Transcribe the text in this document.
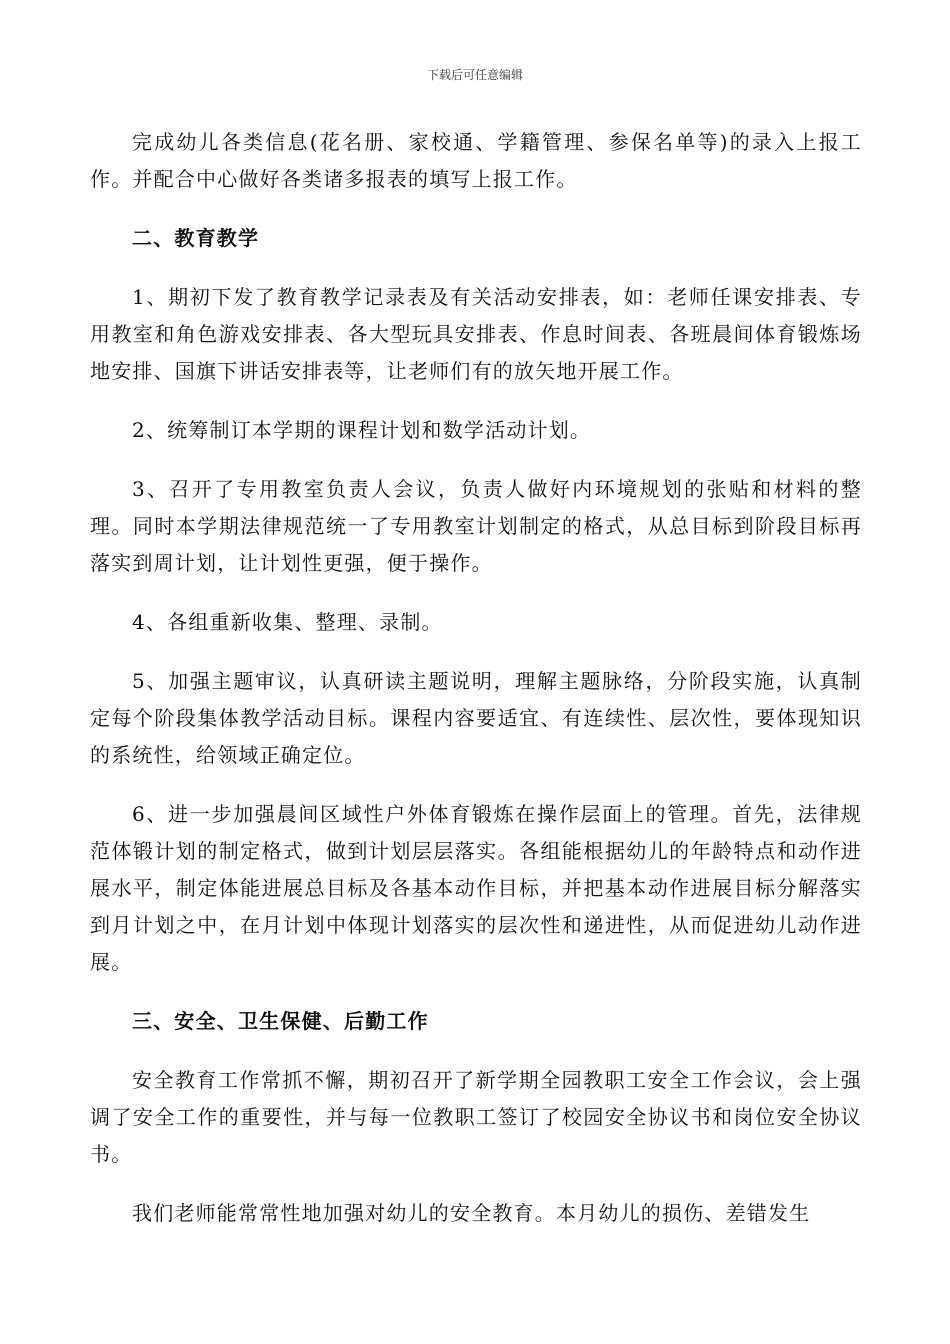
下载后可任意编辑

完成幼儿各类信息(花名册、家校通、学籍管理、参保名单等)的录入上报工作。并配合中心做好各类诸多报表的填写上报工作。

二、教育教学

1、期初下发了教育教学记录表及有关活动安排表，如：老师任课安排表、专用教室和角色游戏安排表、各大型玩具安排表、作息时间表、各班晨间体育锻炼场地安排、国旗下讲话安排表等，让老师们有的放矢地开展工作。

2、统筹制订本学期的课程计划和数学活动计划。

3、召开了专用教室负责人会议，负责人做好内环境规划的张贴和材料的整理。同时本学期法律规范统一了专用教室计划制定的格式，从总目标到阶段目标再落实到周计划，让计划性更强，便于操作。

4、各组重新收集、整理、录制。

5、加强主题审议，认真研读主题说明，理解主题脉络，分阶段实施，认真制定每个阶段集体教学活动目标。课程内容要适宜、有连续性、层次性，要体现知识的系统性，给领域正确定位。

6、进一步加强晨间区域性户外体育锻炼在操作层面上的管理。首先，法律规范体锻计划的制定格式，做到计划层层落实。各组能根据幼儿的年龄特点和动作进展水平，制定体能进展总目标及各基本动作目标，并把基本动作进展目标分解落实到月计划之中，在月计划中体现计划落实的层次性和递进性，从而促进幼儿动作进展。

三、安全、卫生保健、后勤工作

安全教育工作常抓不懈，期初召开了新学期全园教职工安全工作会议，会上强调了安全工作的重要性，并与每一位教职工签订了校园安全协议书和岗位安全协议书。

我们老师能常常性地加强对幼儿的安全教育。本月幼儿的损伤、差错发生
